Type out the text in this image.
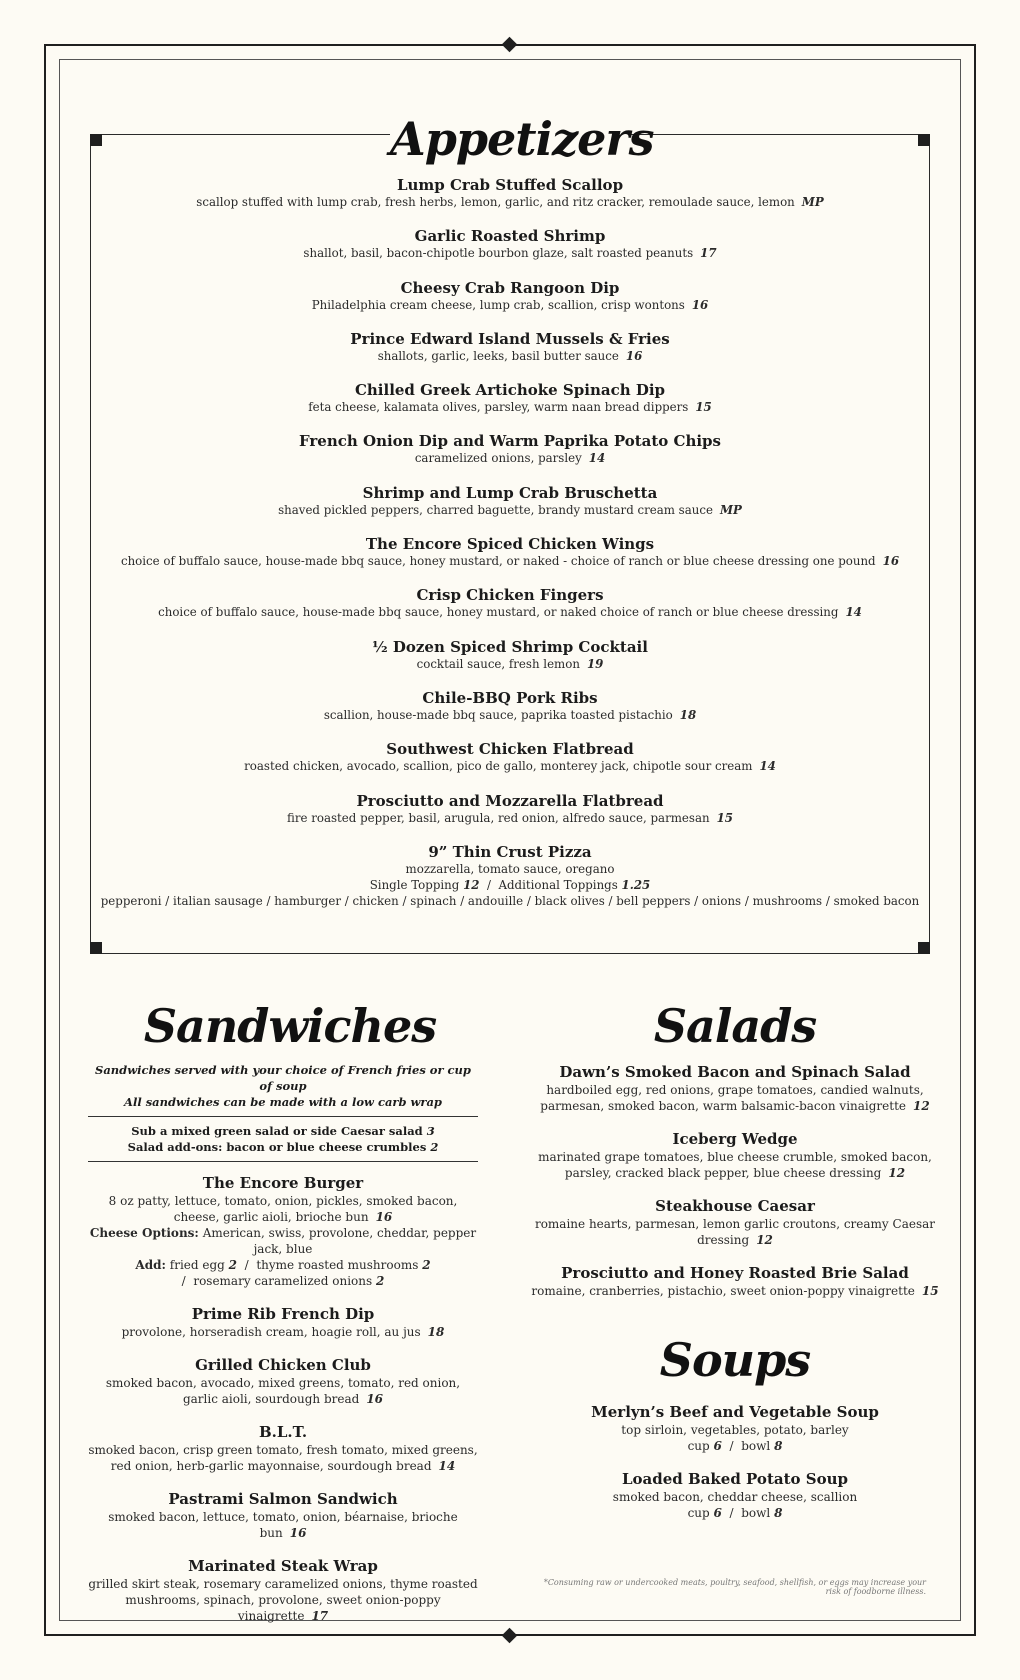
Appetizers
Lump Crab Stuffed Scallop
scallop stuffed with lump crab, fresh herbs, lemon, garlic, and ritz cracker, remoulade sauce, lemon MP
Garlic Roasted Shrimp
shallot, basil, bacon-chipotle bourbon glaze, salt roasted peanuts 17
Cheesy Crab Rangoon Dip
Philadelphia cream cheese, lump crab, scallion, crisp wontons 16
Prince Edward Island Mussels & Fries
shallots, garlic, leeks, basil butter sauce 16
Chilled Greek Artichoke Spinach Dip
feta cheese, kalamata olives, parsley, warm naan bread dippers 15
French Onion Dip and Warm Paprika Potato Chips
caramelized onions, parsley 14
Shrimp and Lump Crab Bruschetta
shaved pickled peppers, charred baguette, brandy mustard cream sauce MP
The Encore Spiced Chicken Wings
choice of buffalo sauce, house-made bbq sauce, honey mustard, or naked - choice of ranch or blue cheese dressing one pound 16
Crisp Chicken Fingers
choice of buffalo sauce, house-made bbq sauce, honey mustard, or naked choice of ranch or blue cheese dressing 14
½ Dozen Spiced Shrimp Cocktail
cocktail sauce, fresh lemon 19
Chile-BBQ Pork Ribs
scallion, house-made bbq sauce, paprika toasted pistachio 18
Southwest Chicken Flatbread
roasted chicken, avocado, scallion, pico de gallo, monterey jack, chipotle sour cream 14
Prosciutto and Mozzarella Flatbread
fire roasted pepper, basil, arugula, red onion, alfredo sauce, parmesan 15
9” Thin Crust Pizza
mozzarella, tomato sauce, oregano
Single Topping 12  /  Additional Toppings 1.25
pepperoni / italian sausage / hamburger / chicken / spinach / andouille / black olives / bell peppers / onions / mushrooms / smoked bacon
Sandwiches
Sandwiches served with your choice of French fries or cup of soup
All sandwiches can be made with a low carb wrap
Sub a mixed green salad or side Caesar salad 3
Salad add-ons: bacon or blue cheese crumbles 2
The Encore Burger
8 oz patty, lettuce, tomato, onion, pickles, smoked bacon, cheese, garlic aioli, brioche bun 16
Cheese Options: American, swiss, provolone, cheddar, pepper jack, blue
Add: fried egg 2  /  thyme roasted mushrooms 2
/  rosemary caramelized onions 2
Prime Rib French Dip
provolone, horseradish cream, hoagie roll, au jus 18
Grilled Chicken Club
smoked bacon, avocado, mixed greens, tomato, red onion, garlic aioli, sourdough bread 16
B.L.T.
smoked bacon, crisp green tomato, fresh tomato, mixed greens, red onion, herb-garlic mayonnaise, sourdough bread 14
Pastrami Salmon Sandwich
smoked bacon, lettuce, tomato, onion, béarnaise, brioche bun 16
Marinated Steak Wrap
grilled skirt steak, rosemary caramelized onions, thyme roasted mushrooms, spinach, provolone, sweet onion-poppy vinaigrette 17
Salads
Dawn’s Smoked Bacon and Spinach Salad
hardboiled egg, red onions, grape tomatoes, candied walnuts, parmesan, smoked bacon, warm balsamic-bacon vinaigrette 12
Iceberg Wedge
marinated grape tomatoes, blue cheese crumble, smoked bacon, parsley, cracked black pepper, blue cheese dressing 12
Steakhouse Caesar
romaine hearts, parmesan, lemon garlic croutons, creamy Caesar dressing 12
Prosciutto and Honey Roasted Brie Salad
romaine, cranberries, pistachio, sweet onion-poppy vinaigrette 15
Soups
Merlyn’s Beef and Vegetable Soup
top sirloin, vegetables, potato, barley
cup 6  /  bowl 8
Loaded Baked Potato Soup
smoked bacon, cheddar cheese, scallion
cup 6  /  bowl 8
*Consuming raw or undercooked meats, poultry, seafood, shellfish, or eggs may increase your risk of foodborne illness.
